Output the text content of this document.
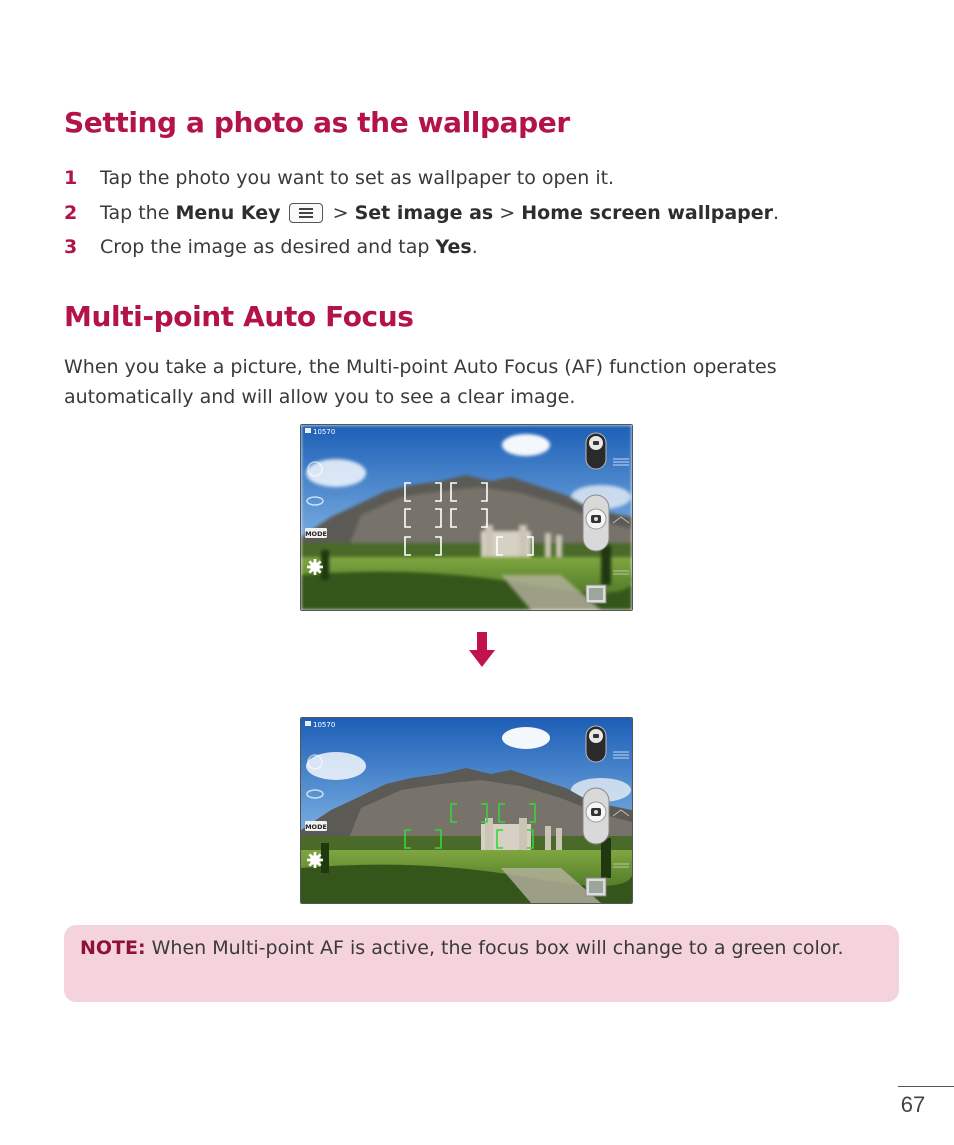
Setting a photo as the wallpaper
1	Tap the photo you want to set as wallpaper to open it.
2	Tap the Menu Key
> Set image as > Home screen wallpaper.
3	Crop the image as desired and tap Yes.
Multi-point Auto Focus

When you take a picture, the Multi-point Auto Focus (AF) function operates automatically and will allow you to see a clear image.

10570
MODE
10570
MODE
NOTE: When Multi-point AF is active, the focus box will change to a green color.
67
